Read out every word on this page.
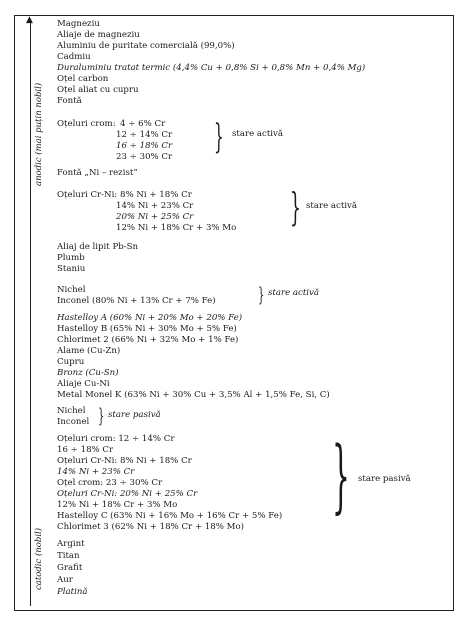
▲
anodic (mai puțin nobil)
catodic (nobil)
Magneziu
Aliaje de magneziu
Aluminiu de puritate comercială (99,0%)
Cadmiu
Duraluminiu tratat termic (4,4% Cu + 0,8% Si + 0,8% Mn + 0,4% Mg)
Oțel carbon
Oțel aliat cu cupru
Fontă
Oțeluri crom: 4 ÷ 6% Cr
12 ÷ 14% Cr
16 ÷ 18% Cr
23 ÷ 30% Cr } stare activă
Fontă „Ni – rezist”
Oțeluri Cr-Ni: 8% Ni + 18% Cr
14% Ni + 23% Cr
20% Ni + 25% Cr
12% Ni + 18% Cr + 3% Mo } stare activă
Aliaj de lipit Pb-Sn
Plumb
Staniu
Nichel
Inconel (80% Ni + 13% Cr + 7% Fe) } stare activă
Hastelloy A (60% Ni + 20% Mo + 20% Fe)
Hastelloy B (65% Ni + 30% Mo + 5% Fe)
Chlorimet 2 (66% Ni + 32% Mo + 1% Fe)
Alame (Cu-Zn)
Cupru
Bronz (Cu-Sn)
Aliaje Cu-Ni
Metal Monel K (63% Ni + 30% Cu + 3,5% Al + 1,5% Fe, Si, C)
Nichel
Inconel } stare pasivă
Oțeluri crom: 12 ÷ 14% Cr
16 ÷ 18% Cr
Oțeluri Cr-Ni: 8% Ni + 18% Cr
14% Ni + 23% Cr
Oțel crom: 23 ÷ 30% Cr
Oțeluri Cr-Ni: 20% Ni + 25% Cr
12% Ni + 18% Cr + 3% Mo
Hastelloy C (63% Ni + 16% Mo + 16% Cr + 5% Fe)
Chlorimet 3 (62% Ni + 18% Cr + 18% Mo)
} stare pasivă
Argint
Titan
Grafit
Aur
Platină
